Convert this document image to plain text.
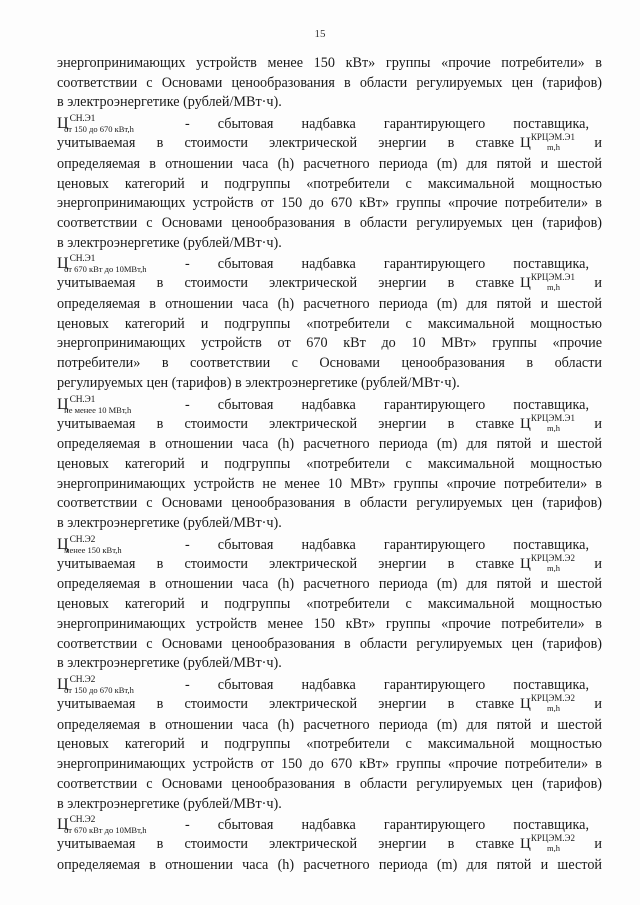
15
энергопринимающих устройств менее 150 кВт» группы «прочие потребители» в
соответствии с Основами ценообразования в области регулируемых цен (тарифов)
в электроэнергетике (рублей/МВт·ч).
$Ц^{СН.Э1}_{от 150 до 670 кВт,h}$	- сбытовая надбавка гарантирующего поставщика,
учитываемая в стоимости электрической энергии в ставке $Ц^{КРЦЭМ.Э1}_{m,h}$	и
определяемая в отношении часа (h) расчетного периода (m) для пятой и шестой
ценовых категорий и подгруппы «потребители с максимальной мощностью
энергопринимающих устройств от 150 до 670 кВт» группы «прочие потребители» в
соответствии с Основами ценообразования в области регулируемых цен (тарифов)
в электроэнергетике (рублей/МВт·ч).
$Ц^{СН.Э1}_{от 670 кВт до 10МВт,h}$	- сбытовая надбавка гарантирующего поставщика,
учитываемая в стоимости электрической энергии в ставке $Ц^{КРЦЭМ.Э1}_{m,h}$	и
определяемая в отношении часа (h) расчетного периода (m) для пятой и шестой
ценовых категорий и подгруппы «потребители с максимальной мощностью
энергопринимающих устройств от 670 кВт до 10 МВт» группы «прочие
потребители» в соответствии с Основами ценообразования в области
регулируемых цен (тарифов) в электроэнергетике (рублей/МВт·ч).
$Ц^{СН.Э1}_{не менее 10 МВт,h}$	- сбытовая надбавка гарантирующего поставщика,
учитываемая в стоимости электрической энергии в ставке $Ц^{КРЦЭМ.Э1}_{m,h}$	и
определяемая в отношении часа (h) расчетного периода (m) для пятой и шестой
ценовых категорий и подгруппы «потребители с максимальной мощностью
энергопринимающих устройств не менее 10 МВт» группы «прочие потребители» в
соответствии с Основами ценообразования в области регулируемых цен (тарифов)
в электроэнергетике (рублей/МВт·ч).
$Ц^{СН.Э2}_{менее 150 кВт,h}$	- сбытовая надбавка гарантирующего поставщика,
учитываемая в стоимости электрической энергии в ставке $Ц^{КРЦЭМ.Э2}_{m,h}$	и
определяемая в отношении часа (h) расчетного периода (m) для пятой и шестой
ценовых категорий и подгруппы «потребители с максимальной мощностью
энергопринимающих устройств менее 150 кВт» группы «прочие потребители» в
соответствии с Основами ценообразования в области регулируемых цен (тарифов)
в электроэнергетике (рублей/МВт·ч).
$Ц^{СН.Э2}_{от 150 до 670 кВт,h}$	- сбытовая надбавка гарантирующего поставщика,
учитываемая в стоимости электрической энергии в ставке $Ц^{КРЦЭМ.Э2}_{m,h}$	и
определяемая в отношении часа (h) расчетного периода (m) для пятой и шестой
ценовых категорий и подгруппы «потребители с максимальной мощностью
энергопринимающих устройств от 150 до 670 кВт» группы «прочие потребители» в
соответствии с Основами ценообразования в области регулируемых цен (тарифов)
в электроэнергетике (рублей/МВт·ч).
$Ц^{СН.Э2}_{от 670 кВт до 10МВт,h}$	- сбытовая надбавка гарантирующего поставщика,
учитываемая в стоимости электрической энергии в ставке $Ц^{КРЦЭМ.Э2}_{m,h}$	и
определяемая в отношении часа (h) расчетного периода (m) для пятой и шестой
